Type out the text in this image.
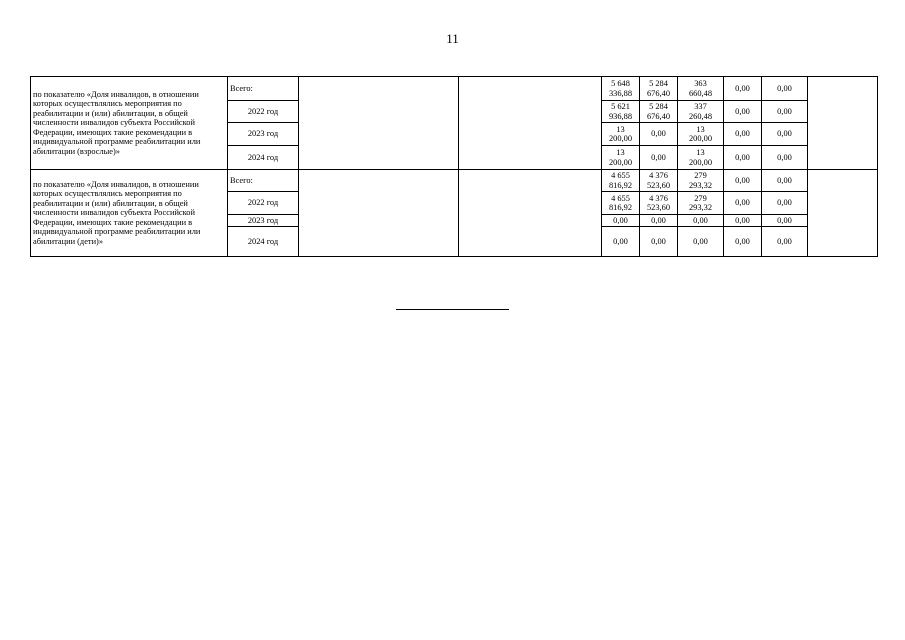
11
по показателю «Доля инвалидов, в отношении которых осуществлялись мероприятия по реабилитации и (или) абилитации, в общей численности инвалидов субъекта Российской Федерации, имеющих такие рекомендации в индивидуальной программе реабилитации или абилитации (взрослые)»	Всего:			5 648
336,88	5 284
676,40	363
660,48	0,00	0,00	
	2022 год			5 621
936,88	5 284
676,40	337
260,48	0,00	0,00	
	2023 год			13
200,00	0,00	13
200,00	0,00	0,00	
	2024 год			13
200,00	0,00	13
200,00	0,00	0,00	
по показателю «Доля инвалидов, в отношении которых осуществлялись мероприятия по реабилитации и (или) абилитации, в общей численности инвалидов субъекта Российской Федерации, имеющих такие рекомендации в индивидуальной программе реабилитации или абилитации (дети)»	Всего:			4 655
816,92	4 376
523,60	279
293,32	0,00	0,00	
	2022 год			4 655
816,92	4 376
523,60	279
293,32	0,00	0,00	
	2023 год			0,00	0,00	0,00	0,00	0,00	
	2024 год			0,00	0,00	0,00	0,00	0,00	
